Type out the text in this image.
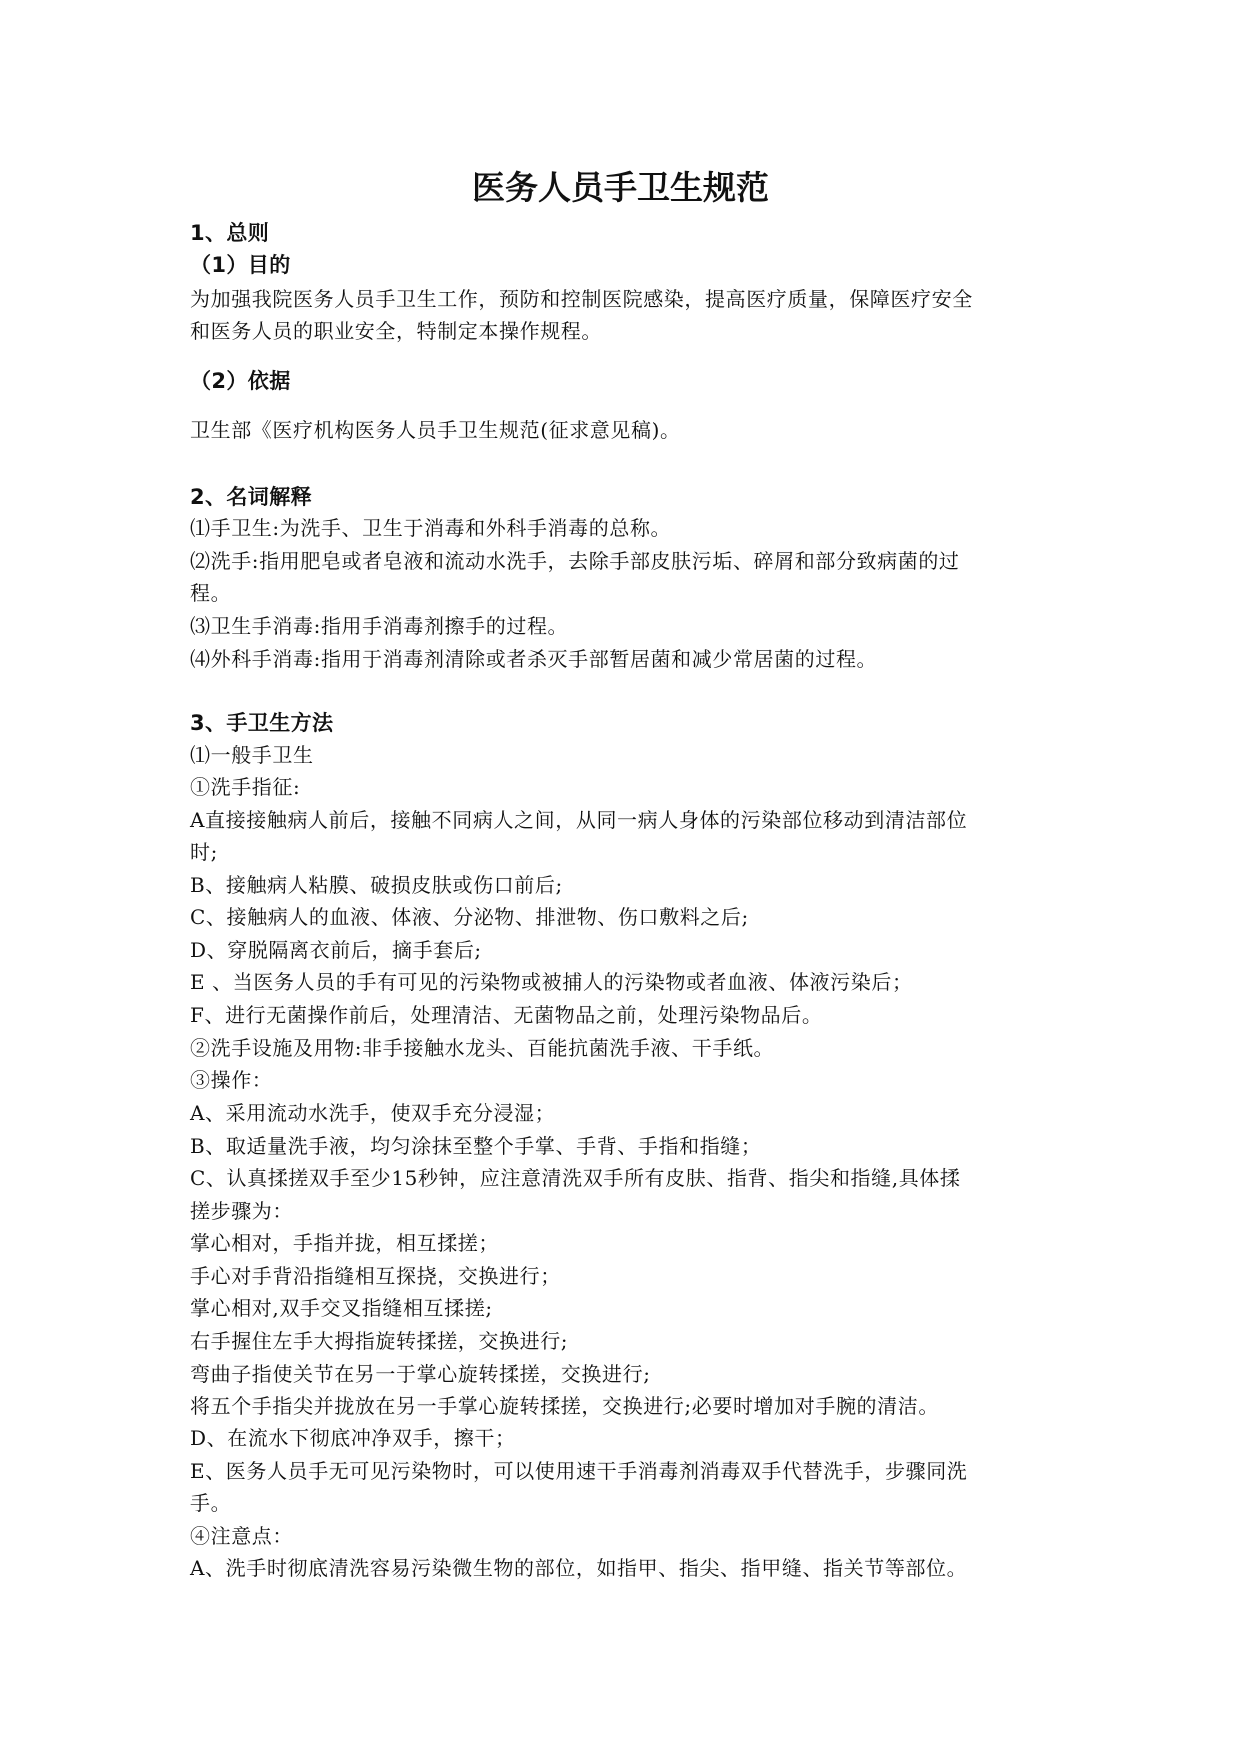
医务人员手卫生规范

1、总则

（1）目的

为加强我院医务人员手卫生工作，预防和控制医院感染，提高医疗质量，保障医疗安全

和医务人员的职业安全，特制定本操作规程。

（2）依据

卫生部《医疗机构医务人员手卫生规范(征求意见稿)。

2、名词解释

⑴手卫生:为洗手、卫生于消毒和外科手消毒的总称。

⑵洗手:指用肥皂或者皂液和流动水洗手，去除手部皮肤污垢、碎屑和部分致病菌的过

程。

⑶卫生手消毒:指用手消毒剂擦手的过程。

⑷外科手消毒:指用于消毒剂清除或者杀灭手部暂居菌和减少常居菌的过程。

3、手卫生方法

⑴一般手卫生

①洗手指征:

A直接接触病人前后，接触不同病人之间，从同一病人身体的污染部位移动到清洁部位

时;

B、接触病人粘膜、破损皮肤或伤口前后;

C、接触病人的血液、体液、分泌物、排泄物、伤口敷料之后;

D、穿脱隔离衣前后，摘手套后;

E 、当医务人员的手有可见的污染物或被捕人的污染物或者血液、体液污染后；

F、进行无菌操作前后，处理清洁、无菌物品之前，处理污染物品后。

②洗手设施及用物:非手接触水龙头、百能抗菌洗手液、干手纸。

③操作：

A、采用流动水洗手，使双手充分浸湿；

B、取适量洗手液，均匀涂抹至整个手掌、手背、手指和指缝；

C、认真揉搓双手至少15秒钟，应注意清洗双手所有皮肤、指背、指尖和指缝,具体揉

搓步骤为：

掌心相对，手指并拢，相互揉搓；

手心对手背沿指缝相互探挠，交换进行；

掌心相对,双手交叉指缝相互揉搓;

右手握住左手大拇指旋转揉搓，交换进行;

弯曲子指使关节在另一于掌心旋转揉搓，交换进行;

将五个手指尖并拢放在另一手掌心旋转揉搓，交换进行;必要时增加对手腕的清洁。

D、在流水下彻底冲净双手，擦干；

E、医务人员手无可见污染物时，可以使用速干手消毒剂消毒双手代替洗手，步骤同洗

手。

④注意点：

A、洗手时彻底清洗容易污染微生物的部位，如指甲、指尖、指甲缝、指关节等部位。
